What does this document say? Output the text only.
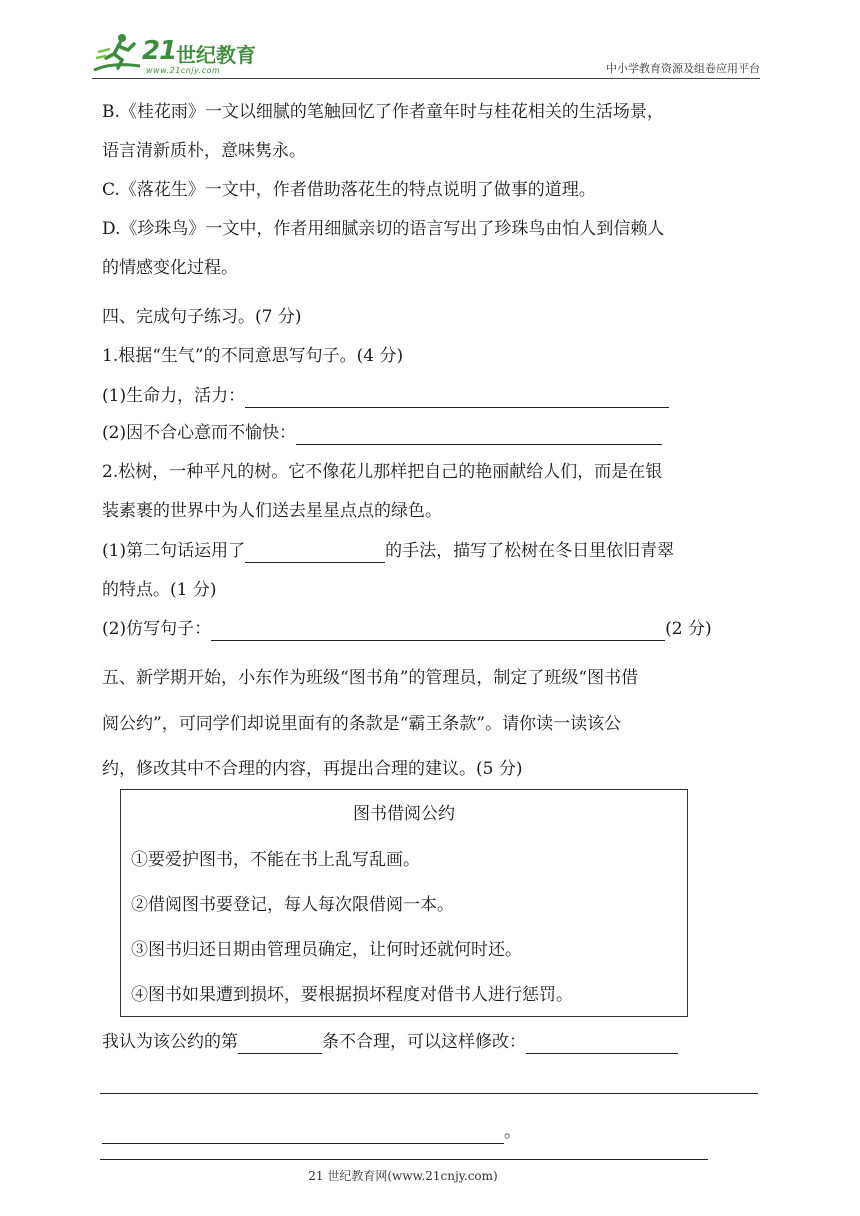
21 世纪教育
www.21cnjy.com	中小学教育资源及组卷应用平台
B.《桂花雨》一文以细腻的笔触回忆了作者童年时与桂花相关的生活场景，
语言清新质朴，意味隽永。
C.《落花生》一文中，作者借助落花生的特点说明了做事的道理。
D.《珍珠鸟》一文中，作者用细腻亲切的语言写出了珍珠鸟由怕人到信赖人
的情感变化过程。
四、完成句子练习。(7 分)
1.根据“生气”的不同意思写句子。(4 分)
(1)生命力，活力：
(2)因不合心意而不愉快：
2.松树，一种平凡的树。它不像花儿那样把自己的艳丽献给人们，而是在银
装素裹的世界中为人们送去星星点点的绿色。
(1)第二句话运用了	的手法，描写了松树在冬日里依旧青翠
的特点。(1 分)
(2)仿写句子：	(2 分)
五、新学期开始，小东作为班级“图书角”的管理员，制定了班级“图书借
阅公约”，可同学们却说里面有的条款是“霸王条款”。请你读一读该公
约，修改其中不合理的内容，再提出合理的建议。(5 分)
图书借阅公约
①要爱护图书，不能在书上乱写乱画。
②借阅图书要登记，每人每次限借阅一本。
③图书归还日期由管理员确定，让何时还就何时还。
④图书如果遭到损坏，要根据损坏程度对借书人进行惩罚。
我认为该公约的第	条不合理，可以这样修改：
。
21 世纪教育网(www.21cnjy.com)
